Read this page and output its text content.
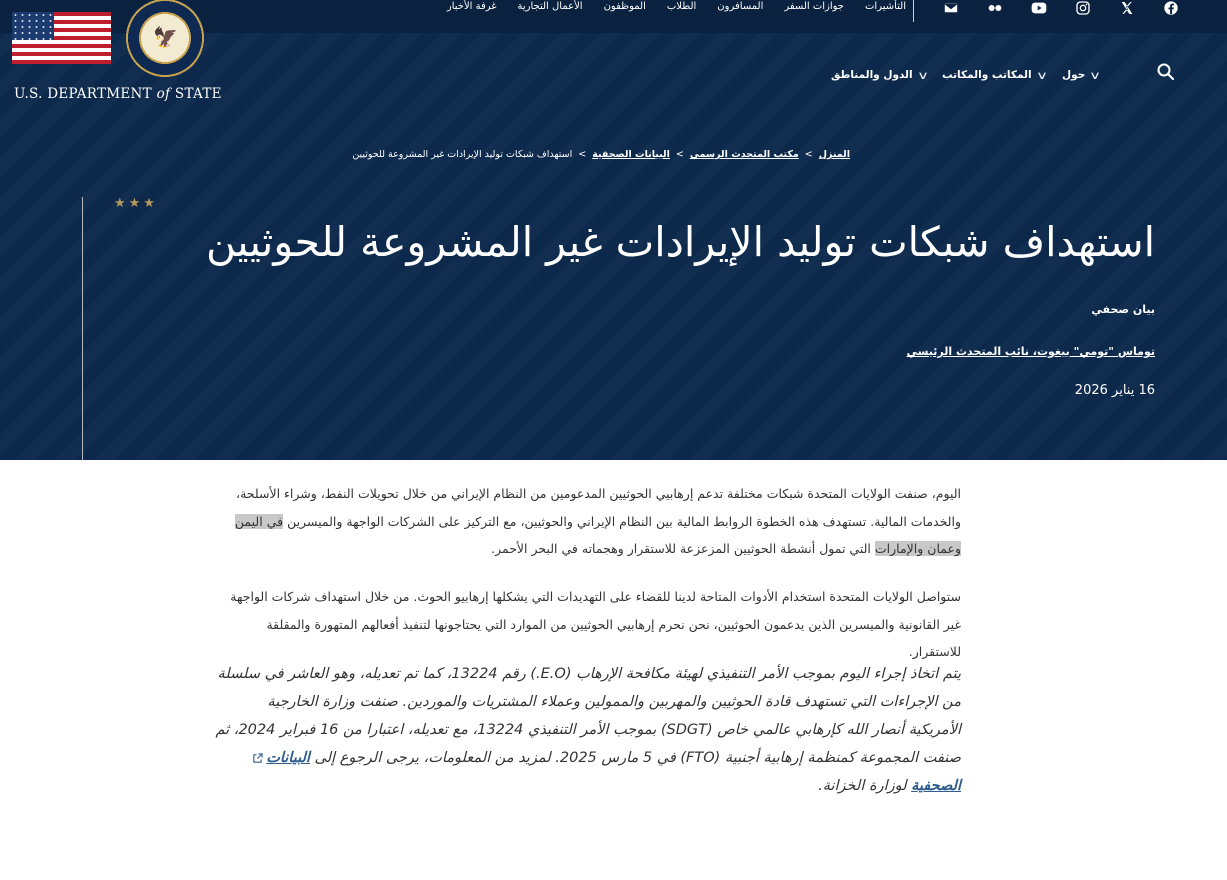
التأشيرات
جوازات السفر
المسافرون
الطلاب
الموظفون
الأعمال التجارية
غرفة الأخبار
🦅
U.S. DEPARTMENT of STATE
الدول والمناطق ∨ المكاتب والمكاتب ∨ حول ∨
المنزل
<
مكتب المتحدث الرسمي
<
البيانات الصحفية
<
استهداف شبكات توليد الإيرادات غير المشروعة للحوثيين
★★★
استهداف شبكات توليد الإيرادات غير المشروعة للحوثيين
بيان صحفي
توماس "تومي" بيغوت، نائب المتحدث الرئيسي
16 يناير 2026

اليوم، صنفت الولايات المتحدة شبكات مختلفة تدعم إرهابيي الحوثيين المدعومين من النظام الإيراني من خلال تحويلات النفط، وشراء الأسلحة، والخدمات المالية. تستهدف هذه الخطوة الروابط المالية بين النظام الإيراني والحوثيين، مع التركيز على الشركات الواجهة والميسرين في اليمن وعمان والإمارات التي تمول أنشطة الحوثيين المزعزعة للاستقرار وهجماته في البحر الأحمر.

ستواصل الولايات المتحدة استخدام الأدوات المتاحة لدينا للقضاء على التهديدات التي يشكلها إرهابيو الحوث. من خلال استهداف شركات الواجهة غير القانونية والميسرين الذين يدعمون الحوثيين، نحن نحرم إرهابيي الحوثيين من الموارد التي يحتاجونها لتنفيذ أفعالهم المتهورة والمقلقة للاستقرار.

يتم اتخاذ إجراء اليوم بموجب الأمر التنفيذي لهيئة مكافحة الإرهاب (E.O.) رقم 13224، كما تم تعديله، وهو العاشر في سلسلة من الإجراءات التي تستهدف قادة الحوثيين والمهربين والممولين وعملاء المشتريات والموردين. صنفت وزارة الخارجية الأمريكية أنصار الله كإرهابي عالمي خاص (SDGT) بموجب الأمر التنفيذي 13224، مع تعديله، اعتبارا من 16 فبراير 2024، ثم صنفت المجموعة كمنظمة إرهابية أجنبية (FTO) في 5 مارس 2025. لمزيد من المعلومات، يرجى الرجوع إلى البياناتالصحفية لوزارة الخزانة.
